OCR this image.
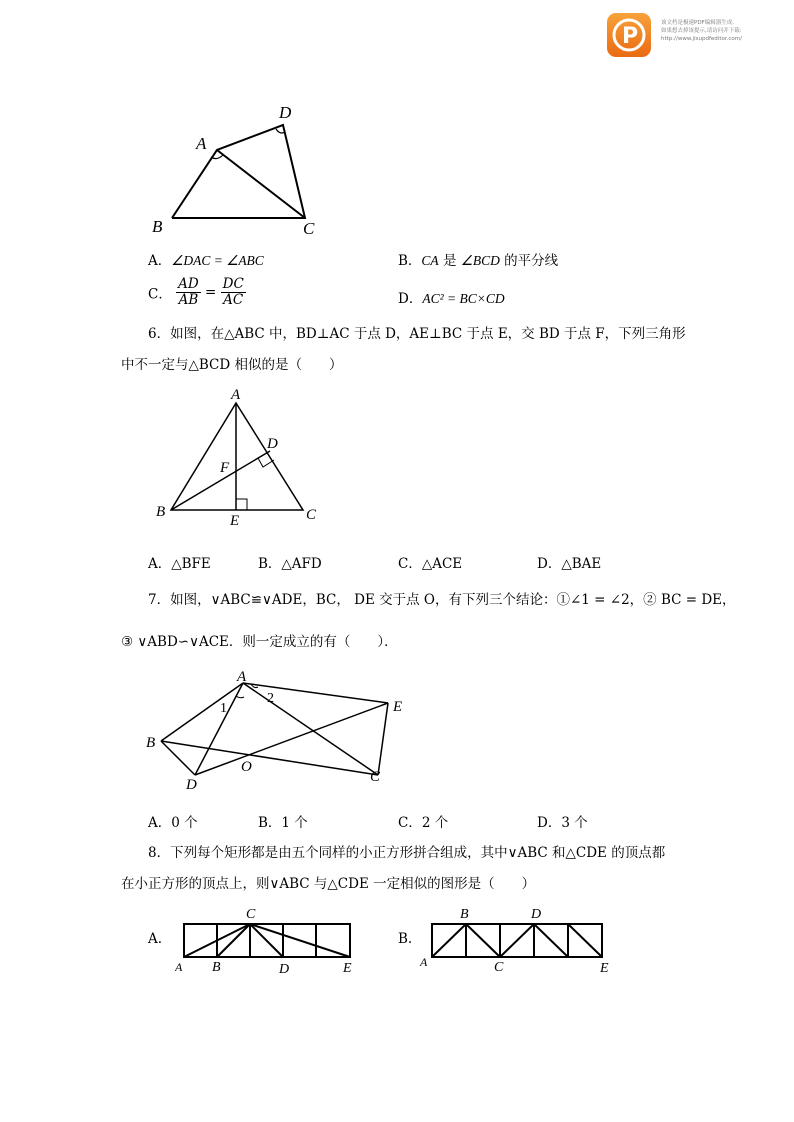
P
该文档是极速PDF编辑器生成,
如果想去掉该提示,请访问并下载:
http://www.jisupdfeditor.com/
A
D
B	C
A．∠DAC = ∠ABC	B．CA 是 ∠BCD 的平分线
C． $\frac{AD}{AB} = \frac{DC}{AC}$	D．AC² = BC×CD
6．如图，在△ABC 中，BD⊥AC 于点 D，AE⊥BC 于点 E，交 BD 于点 F，下列三角形
中不一定与△BCD 相似的是（　　）
A
D
F
B
E	C
A．△BFE	B．△AFD	C．△ACE	D．△BAE
7．如图，∨ABC≌∨ADE，BC， DE 交于点 O，有下列三个结论：①∠1 = ∠2，② BC = DE，
③ ∨ABD∽∨ACE．则一定成立的有（　　）．
A
2
1	E
B
O
D	C
A．0 个	B．1 个	C．2 个	D．3 个
8．下列每个矩形都是由五个同样的小正方形拼合组成，其中∨ABC 和△CDE 的顶点都
在小正方形的顶点上，则∨ABC 与△CDE 一定相似的图形是（　　）
A.
C
A B	D	E
B.
B	D
A	C	E
